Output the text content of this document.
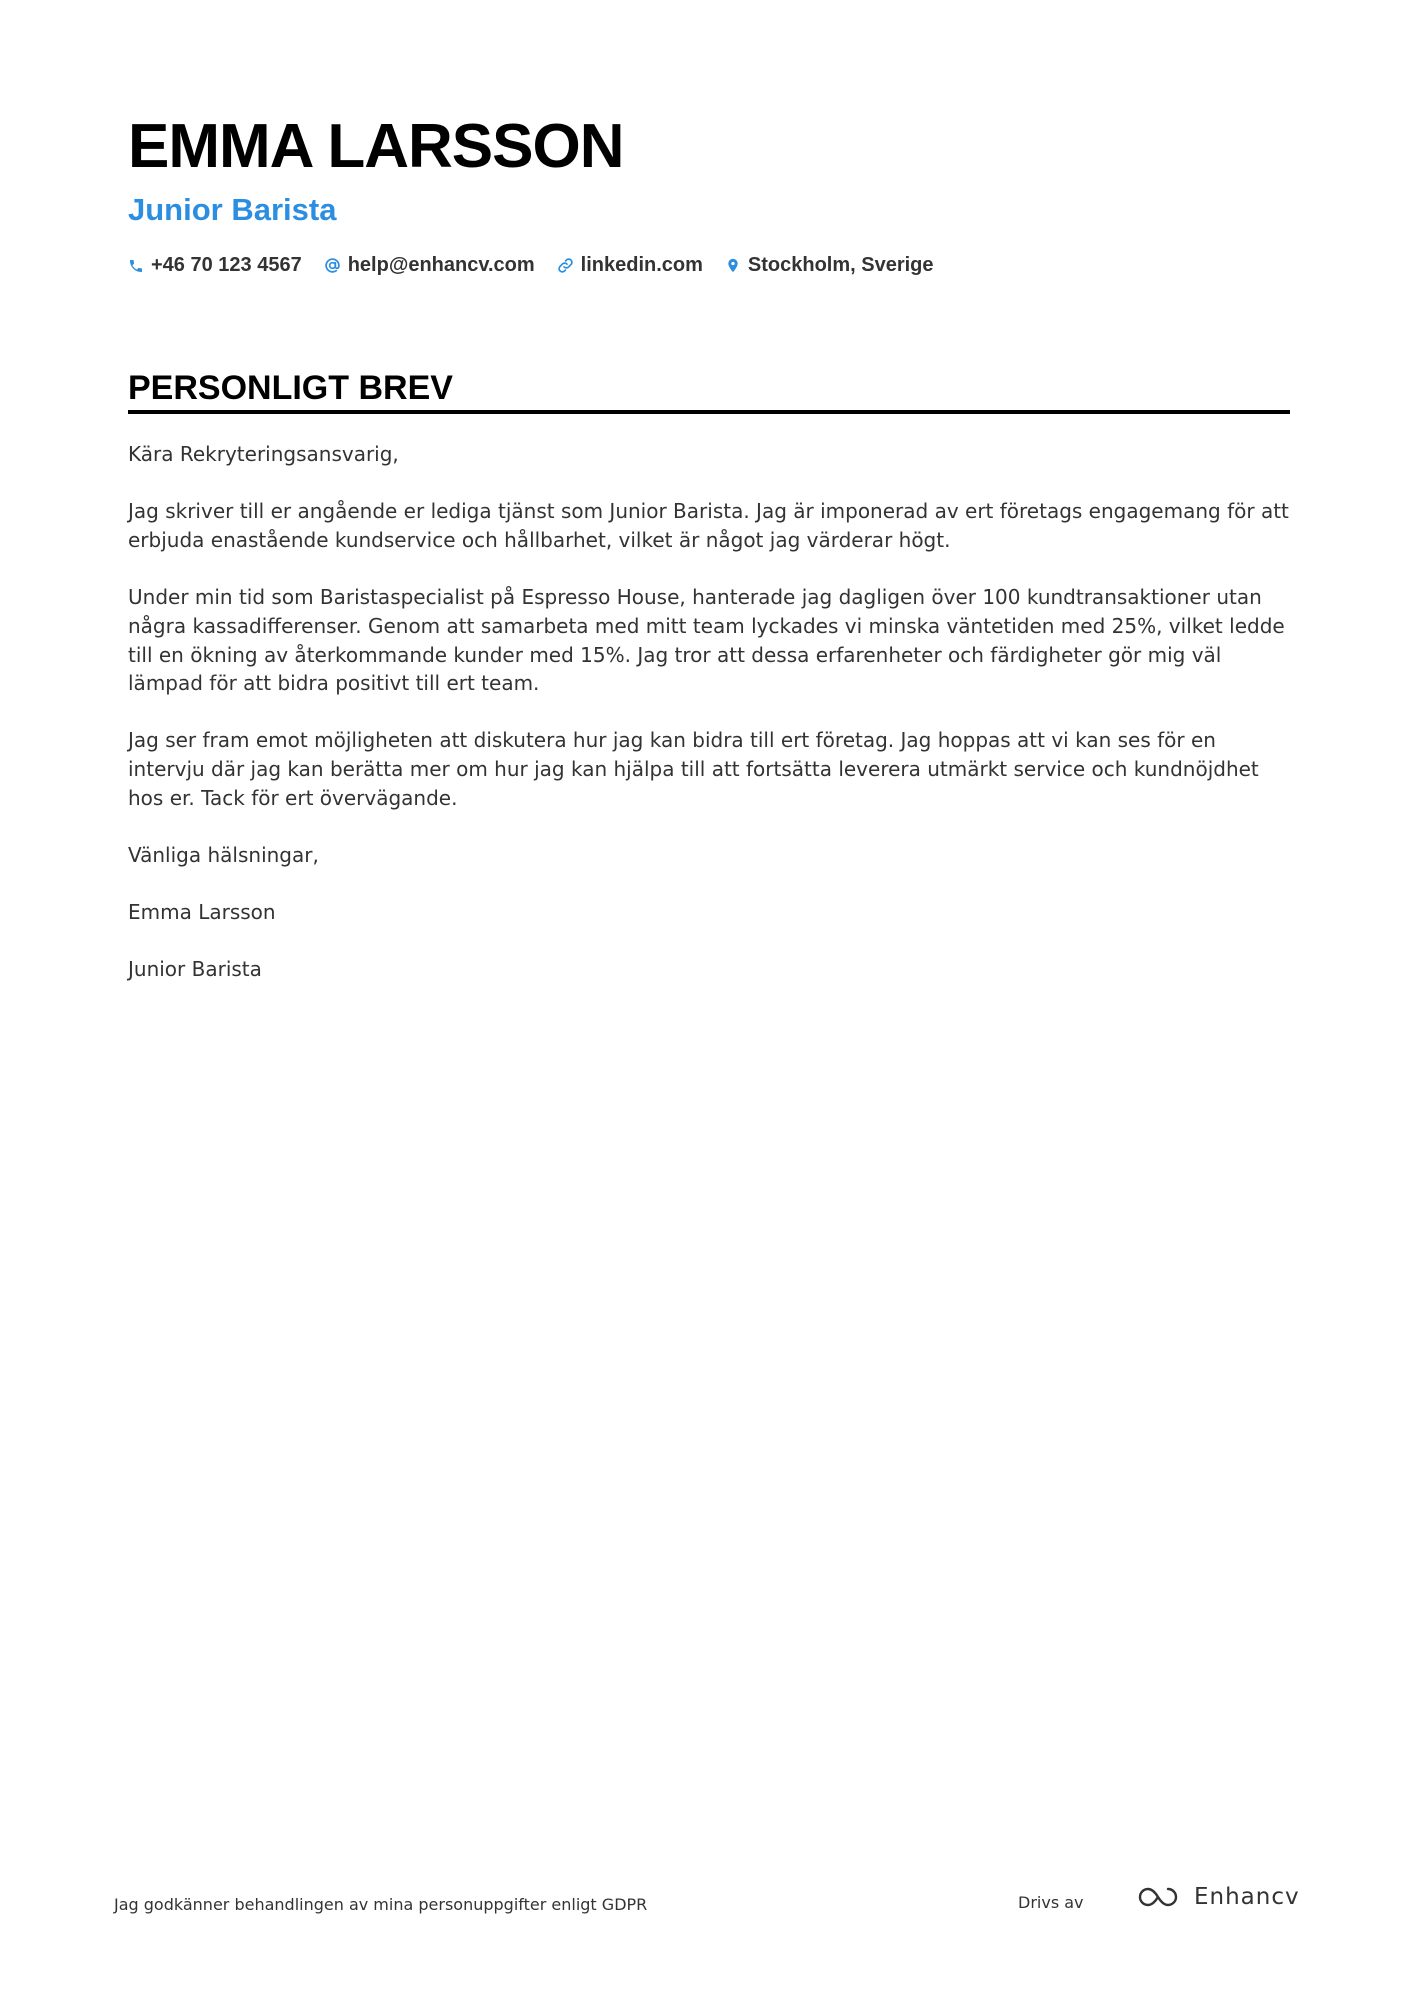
EMMA LARSSON
Junior Barista
+46 70 123 4567 help@enhancv.com linkedin.com Stockholm, Sverige
PERSONLIGT BREV

Kära Rekryteringsansvarig,

Jag skriver till er angående er lediga tjänst som Junior Barista. Jag är imponerad av ert företags engagemang för att erbjuda enastående kundservice och hållbarhet, vilket är något jag värderar högt.

Under min tid som Baristaspecialist på Espresso House, hanterade jag dagligen över 100 kundtransaktioner utan några kassadifferenser. Genom att samarbeta med mitt team lyckades vi minska väntetiden med 25%, vilket ledde till en ökning av återkommande kunder med 15%. Jag tror att dessa erfarenheter och färdigheter gör mig väl lämpad för att bidra positivt till ert team.

Jag ser fram emot möjligheten att diskutera hur jag kan bidra till ert företag. Jag hoppas att vi kan ses för en intervju där jag kan berätta mer om hur jag kan hjälpa till att fortsätta leverera utmärkt service och kundnöjdhet hos er. Tack för ert övervägande.

Vänliga hälsningar,

Emma Larsson

Junior Barista

Jag godkänner behandlingen av mina personuppgifter enligt GDPR	Drivs av	Enhancv
